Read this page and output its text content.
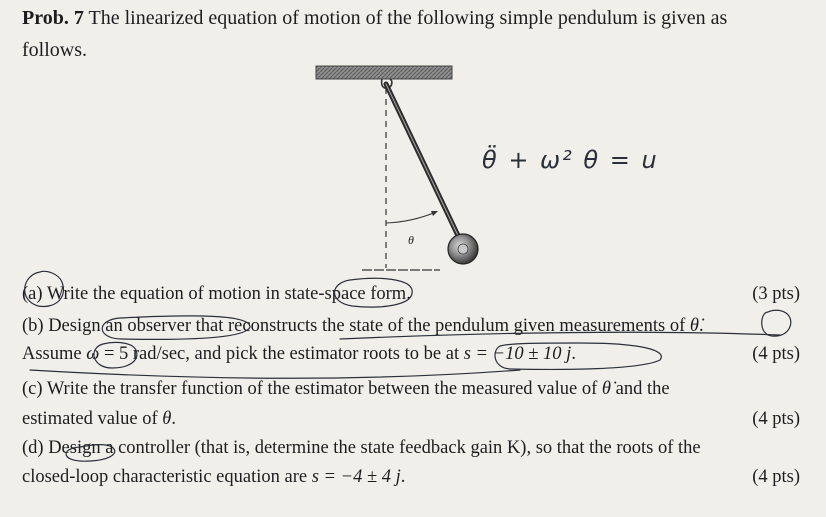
Prob. 7 The linearized equation of motion of the following simple pendulum is given as
follows.
θ
θ̈ + ω² θ = u
(a) Write the equation of motion in state-space form.	(3 pts)
(b) Design an observer that reconstructs the state of the pendulum given measurements of θ̇.
Assume ω = 5 rad/sec, and pick the estimator roots to be at s = −10 ± 10 j.	(4 pts)
(c) Write the transfer function of the estimator between the measured value of θ̇ and the
estimated value of θ.	(4 pts)
(d) Design a controller (that is, determine the state feedback gain K), so that the roots of the
closed-loop characteristic equation are s = −4 ± 4 j.	(4 pts)
